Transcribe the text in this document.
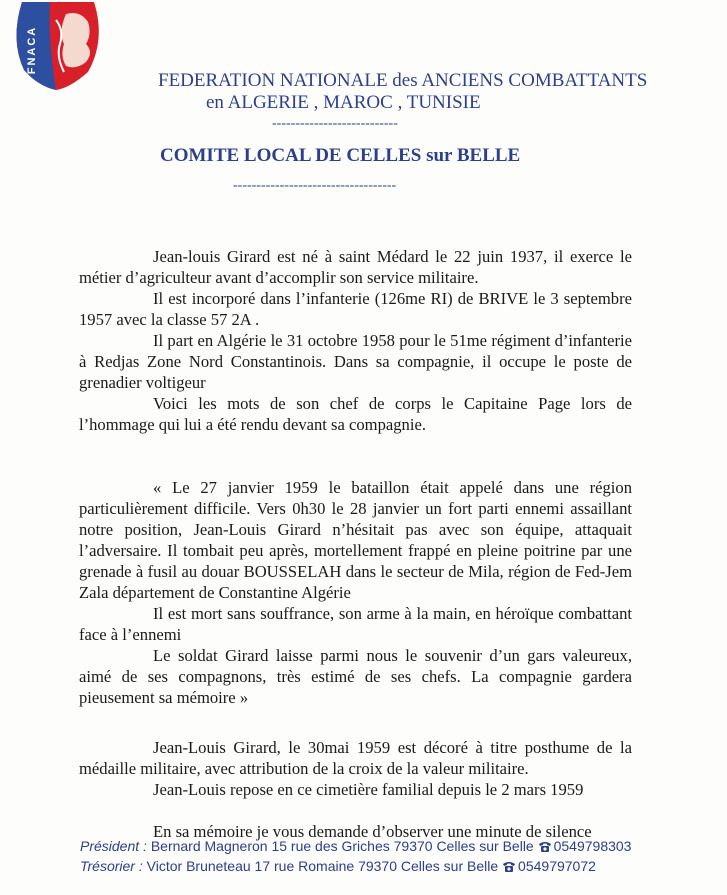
FNACA
FEDERATION NATIONALE des ANCIENS COMBATTANTS
en ALGERIE , MAROC , TUNISIE
---------------------------
COMITE LOCAL DE CELLES sur BELLE
-----------------------------------

Jean-louis Girard est né à saint Médard le 22 juin 1937, il exerce le métier d’agriculteur avant d’accomplir son service militaire.

Il est incorporé dans l’infanterie (126me RI) de BRIVE le 3 septembre 1957 avec la classe 57 2A .

Il part en Algérie le 31 octobre 1958 pour le 51me régiment d’infanterie à Redjas Zone Nord Constantinois. Dans sa compagnie, il occupe le poste de grenadier voltigeur

Voici les mots de son chef de corps le Capitaine Page lors de l’hommage qui lui a été rendu devant sa compagnie.

« Le 27 janvier 1959 le bataillon était appelé dans une région particulièrement difficile. Vers 0h30 le 28 janvier un fort parti ennemi assaillant notre position, Jean-Louis Girard n’hésitait pas avec son équipe, attaquait l’adversaire. Il tombait peu après, mortellement frappé en pleine poitrine par une grenade à fusil au douar BOUSSELAH dans le secteur de Mila, région de Fed-Jem Zala département de Constantine Algérie

Il est mort sans souffrance, son arme à la main, en héroïque combattant face à l’ennemi

Le soldat Girard laisse parmi nous le souvenir d’un gars valeureux, aimé de ses compagnons, très estimé de ses chefs. La compagnie gardera pieusement sa mémoire »

Jean-Louis Girard, le 30mai 1959 est décoré à titre posthume de la médaille militaire, avec attribution de la croix de la valeur militaire.

Jean-Louis repose en ce cimetière familial depuis le 2 mars 1959

En sa mémoire je vous demande d’observer une minute de silence

Président : Bernard Magneron 15 rue des Griches 79370 Celles sur Belle 0549798303
Trésorier : Victor Bruneteau 17 rue Romaine 79370 Celles sur Belle 0549797072
